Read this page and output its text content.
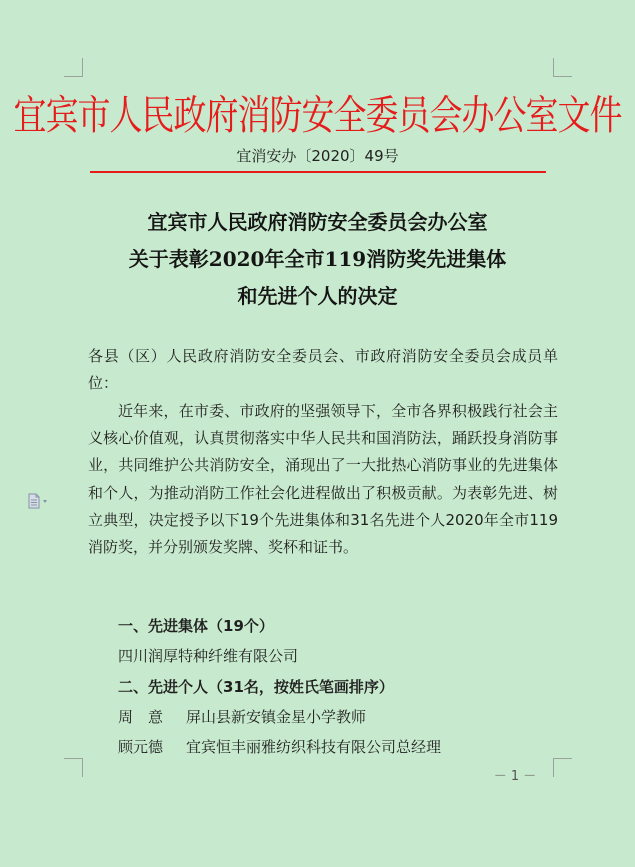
宜宾市人民政府消防安全委员会办公室文件
宜消安办〔2020〕49号
宜宾市人民政府消防安全委员会办公室
关于表彰2020年全市119消防奖先进集体
和先进个人的决定
各县（区）人民政府消防安全委员会、市政府消防安全委员会成员单位：
近年来，在市委、市政府的坚强领导下，全市各界积极践行社会主义核心价值观，认真贯彻落实中华人民共和国消防法，踊跃投身消防事业，共同维护公共消防安全，涌现出了一大批热心消防事业的先进集体和个人，为推动消防工作社会化进程做出了积极贡献。为表彰先进、树立典型，决定授予以下19个先进集体和31名先进个人2020年全市119消防奖，并分别颁发奖牌、奖杯和证书。
一、先进集体（19个）
四川润厚特种纤维有限公司
二、先进个人（31名，按姓氏笔画排序）
周　意 屏山县新安镇金星小学教师
顾元德 宜宾恒丰丽雅纺织科技有限公司总经理
－ 1 －
